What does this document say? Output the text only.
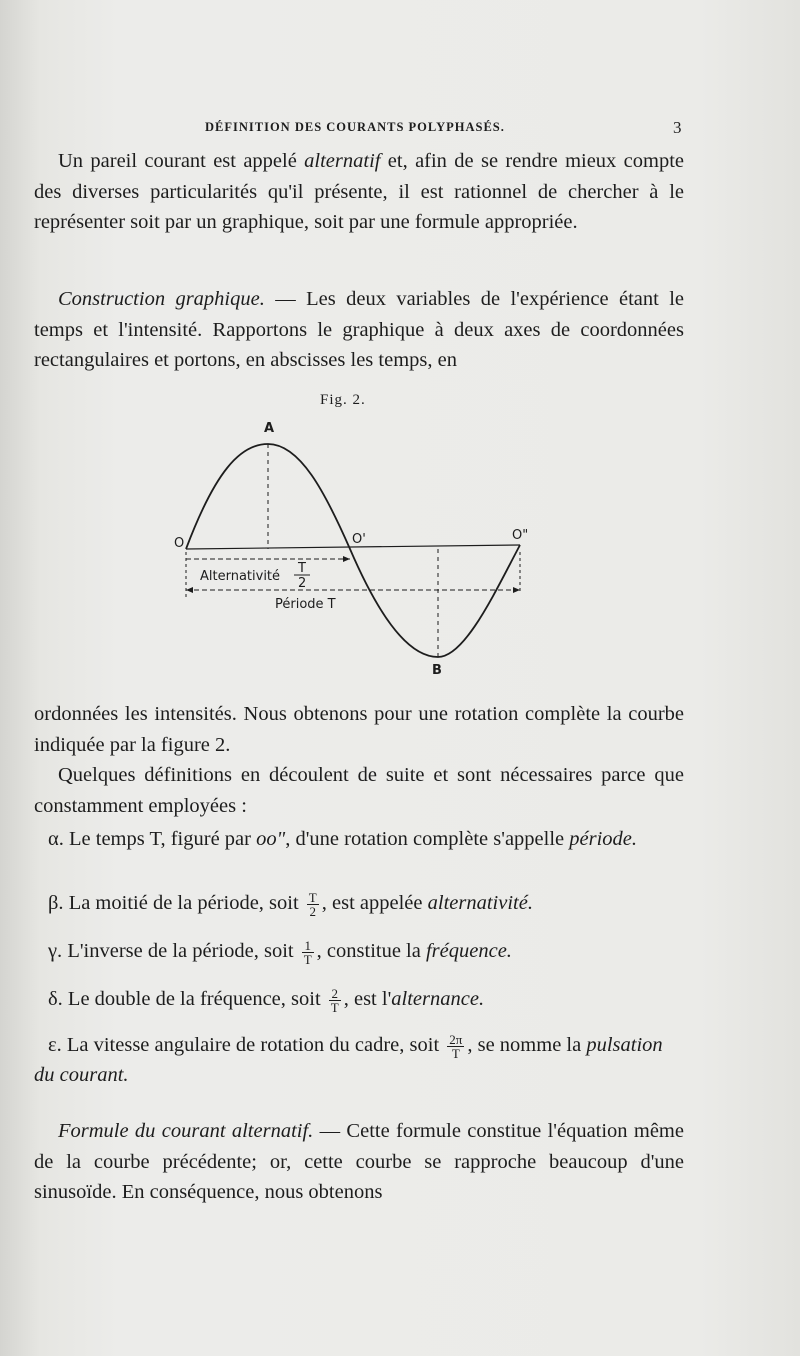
DÉFINITION DES COURANTS POLYPHASÉS.	3
Un pareil courant est appelé alternatif et, afin de se rendre mieux compte des diverses particularités qu'il présente, il est rationnel de chercher à le représenter soit par un graphique, soit par une formule appropriée.
Construction graphique. — Les deux variables de l'expérience étant le temps et l'intensité. Rapportons le graphique à deux axes de coordonnées rectangulaires et portons, en abscisses les temps, en
Fig. 2.
A
O	O'	O"
B
Alternativité
T
2
Période T
ordonnées les intensités. Nous obtenons pour une rotation complète la courbe indiquée par la figure 2.
Quelques définitions en découlent de suite et sont nécessaires parce que constamment employées :
α. Le temps T, figuré par oo", d'une rotation complète s'appelle période.
β. La moitié de la période, soit $\frac{T}{2}$ , est appelée alternativité.
γ. L'inverse de la période, soit $\frac{1}{T}$ , constitue la fréquence.
δ. Le double de la fréquence, soit $\frac{2}{T}$ , est l'alternance.
ε. La vitesse angulaire de rotation du cadre, soit $\frac{2\pi}{T}$ , se nomme la pulsation du courant.
Formule du courant alternatif. — Cette formule constitue l'équation même de la courbe précédente; or, cette courbe se rapproche beaucoup d'une sinusoïde. En conséquence, nous obtenons
